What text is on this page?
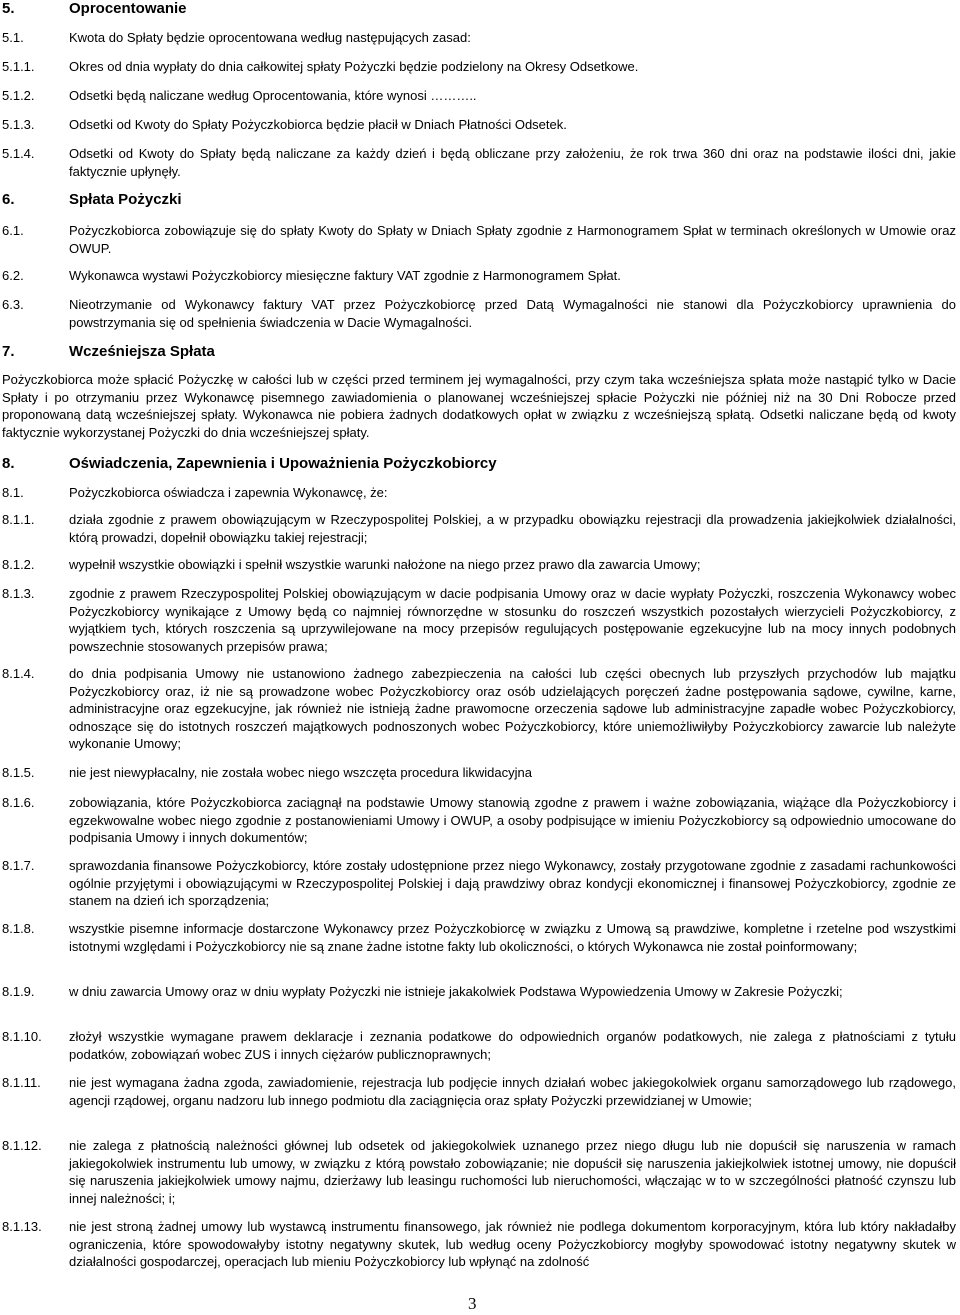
5.	Oprocentowanie
5.1.	Kwota do Spłaty będzie oprocentowana według następujących zasad:
5.1.1.	Okres od dnia wypłaty do dnia całkowitej spłaty Pożyczki będzie podzielony na Okresy Odsetkowe.
5.1.2.	Odsetki będą naliczane według Oprocentowania, które wynosi ………..
5.1.3.	Odsetki od Kwoty do Spłaty Pożyczkobiorca będzie płacił w Dniach Płatności Odsetek.
5.1.4.	Odsetki od Kwoty do Spłaty będą naliczane za każdy dzień i będą obliczane przy założeniu, że rok trwa 360 dni oraz na podstawie ilości dni, jakie faktycznie upłynęły.
6.	Spłata Pożyczki
6.1.	Pożyczkobiorca zobowiązuje się do spłaty Kwoty do Spłaty w Dniach Spłaty zgodnie z Harmonogramem Spłat w terminach określonych w Umowie oraz OWUP.
6.2.	Wykonawca wystawi Pożyczkobiorcy miesięczne faktury VAT zgodnie z Harmonogramem Spłat.
6.3.	Nieotrzymanie od Wykonawcy faktury VAT przez Pożyczkobiorcę przed Datą Wymagalności nie stanowi dla Pożyczkobiorcy uprawnienia do powstrzymania się od spełnienia świadczenia w Dacie Wymagalności.
7.	Wcześniejsza Spłata
Pożyczkobiorca może spłacić Pożyczkę w całości lub w części przed terminem jej wymagalności, przy czym taka wcześniejsza spłata może nastąpić tylko w Dacie Spłaty i po otrzymaniu przez Wykonawcę pisemnego zawiadomienia o planowanej wcześniejszej spłacie Pożyczki nie później niż na 30 Dni Robocze przed proponowaną datą wcześniejszej spłaty. Wykonawca nie pobiera żadnych dodatkowych opłat w związku z wcześniejszą spłatą. Odsetki naliczane będą od kwoty faktycznie wykorzystanej Pożyczki do dnia wcześniejszej spłaty.
8.	Oświadczenia, Zapewnienia i Upoważnienia Pożyczkobiorcy
8.1.	Pożyczkobiorca oświadcza i zapewnia Wykonawcę, że:
8.1.1.	działa zgodnie z prawem obowiązującym w Rzeczypospolitej Polskiej, a w przypadku obowiązku rejestracji dla prowadzenia jakiejkolwiek działalności, którą prowadzi, dopełnił obowiązku takiej rejestracji;
8.1.2.	wypełnił wszystkie obowiązki i spełnił wszystkie warunki nałożone na niego przez prawo dla zawarcia Umowy;
8.1.3.	zgodnie z prawem Rzeczypospolitej Polskiej obowiązującym w dacie podpisania Umowy oraz w dacie wypłaty Pożyczki, roszczenia Wykonawcy wobec Pożyczkobiorcy wynikające z Umowy będą co najmniej równorzędne w stosunku do roszczeń wszystkich pozostałych wierzycieli Pożyczkobiorcy, z wyjątkiem tych, których roszczenia są uprzywilejowane na mocy przepisów regulujących postępowanie egzekucyjne lub na mocy innych podobnych powszechnie stosowanych przepisów prawa;
8.1.4.	do dnia podpisania Umowy nie ustanowiono żadnego zabezpieczenia na całości lub części obecnych lub przyszłych przychodów lub majątku Pożyczkobiorcy oraz, iż nie są prowadzone wobec Pożyczkobiorcy oraz osób udzielających poręczeń żadne postępowania sądowe, cywilne, karne, administracyjne oraz egzekucyjne, jak również nie istnieją żadne prawomocne orzeczenia sądowe lub administracyjne zapadłe wobec Pożyczkobiorcy, odnoszące się do istotnych roszczeń majątkowych podnoszonych wobec Pożyczkobiorcy, które uniemożliwiłyby Pożyczkobiorcy zawarcie lub należyte wykonanie Umowy;
8.1.5.	nie jest niewypłacalny, nie została wobec niego wszczęta procedura likwidacyjna
8.1.6.	zobowiązania, które Pożyczkobiorca zaciągnął na podstawie Umowy stanowią zgodne z prawem i ważne zobowiązania, wiążące dla Pożyczkobiorcy i egzekwowalne wobec niego zgodnie z postanowieniami Umowy i OWUP, a osoby podpisujące w imieniu Pożyczkobiorcy są odpowiednio umocowane do podpisania Umowy i innych dokumentów;
8.1.7.	sprawozdania finansowe Pożyczkobiorcy, które zostały udostępnione przez niego Wykonawcy, zostały przygotowane zgodnie z zasadami rachunkowości ogólnie przyjętymi i obowiązującymi w Rzeczypospolitej Polskiej i dają prawdziwy obraz kondycji ekonomicznej i finansowej Pożyczkobiorcy, zgodnie ze stanem na dzień ich sporządzenia;
8.1.8.	wszystkie pisemne informacje dostarczone Wykonawcy przez Pożyczkobiorcę w związku z Umową są prawdziwe, kompletne i rzetelne pod wszystkimi istotnymi względami i Pożyczkobiorcy nie są znane żadne istotne fakty lub okoliczności, o których Wykonawca nie został poinformowany;
8.1.9.	w dniu zawarcia Umowy oraz w dniu wypłaty Pożyczki nie istnieje jakakolwiek Podstawa Wypowiedzenia Umowy w Zakresie Pożyczki;
8.1.10. złożył wszystkie wymagane prawem deklaracje i zeznania podatkowe do odpowiednich organów podatkowych, nie zalega z płatnościami z tytułu podatków, zobowiązań wobec ZUS i innych ciężarów publicznoprawnych;
8.1.11. nie jest wymagana żadna zgoda, zawiadomienie, rejestracja lub podjęcie innych działań wobec jakiegokolwiek organu samorządowego lub rządowego, agencji rządowej, organu nadzoru lub innego podmiotu dla zaciągnięcia oraz spłaty Pożyczki przewidzianej w Umowie;
8.1.12. nie zalega z płatnością należności głównej lub odsetek od jakiegokolwiek uznanego przez niego długu lub nie dopuścił się naruszenia w ramach jakiegokolwiek instrumentu lub umowy, w związku z którą powstało zobowiązanie; nie dopuścił się naruszenia jakiejkolwiek istotnej umowy, nie dopuścił się naruszenia jakiejkolwiek umowy najmu, dzierżawy lub leasingu ruchomości lub nieruchomości, włączając w to w szczególności płatność czynszu lub innej należności; i;
8.1.13. nie jest stroną żadnej umowy lub wystawcą instrumentu finansowego, jak również nie podlega dokumentom korporacyjnym, która lub który nakładałby ograniczenia, które spowodowałyby istotny negatywny skutek, lub według oceny Pożyczkobiorcy mogłyby spowodować istotny negatywny skutek w działalności gospodarczej, operacjach lub mieniu Pożyczkobiorcy lub wpłynąć na zdolność
3
